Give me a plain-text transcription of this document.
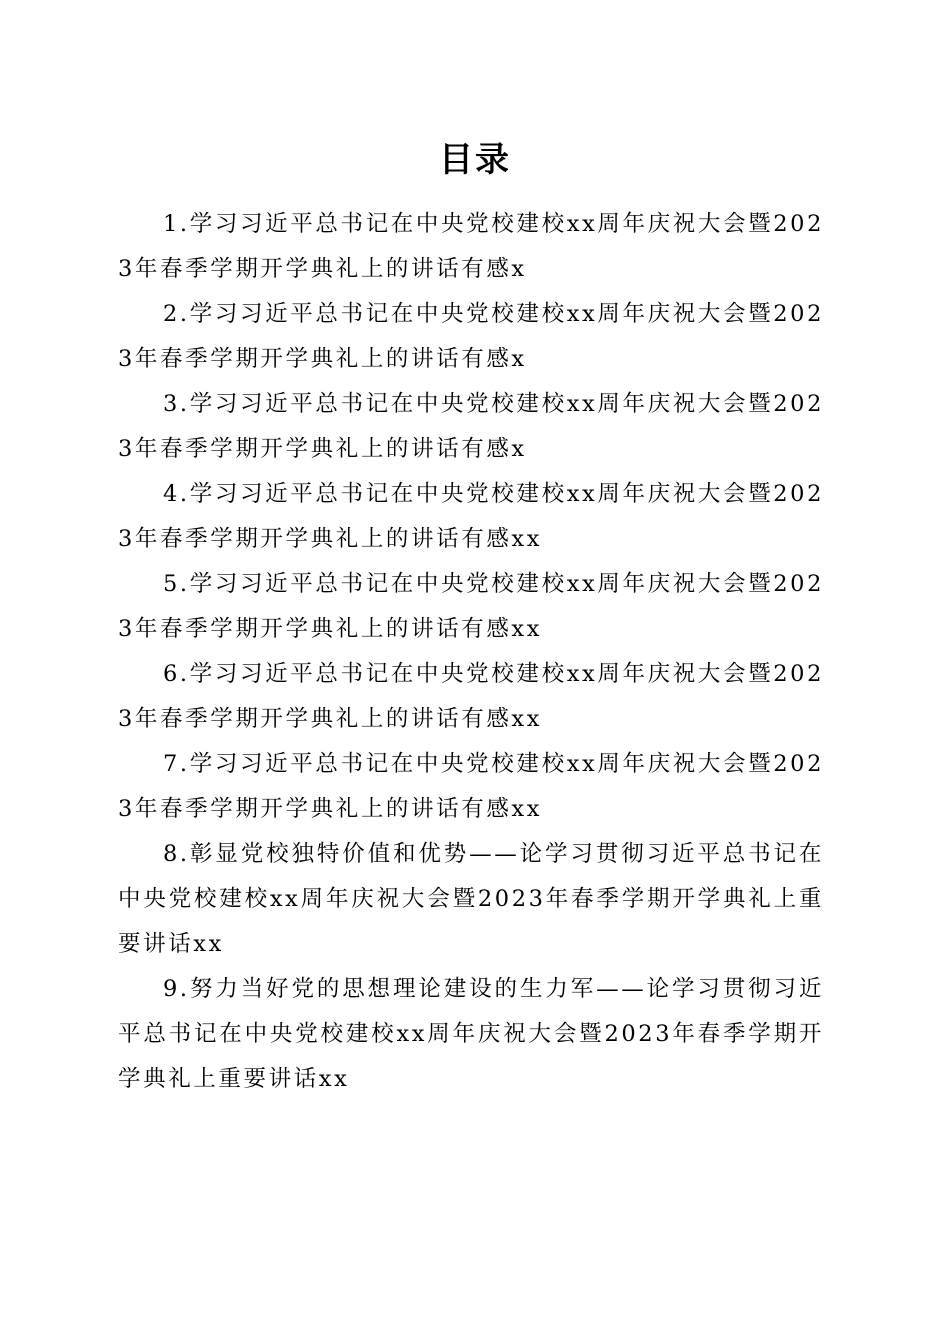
目录
1.学习习近平总书记在中央党校建校xx周年庆祝大会暨2023年春季学期开学典礼上的讲话有感x
2.学习习近平总书记在中央党校建校xx周年庆祝大会暨2023年春季学期开学典礼上的讲话有感x
3.学习习近平总书记在中央党校建校xx周年庆祝大会暨2023年春季学期开学典礼上的讲话有感x
4.学习习近平总书记在中央党校建校xx周年庆祝大会暨2023年春季学期开学典礼上的讲话有感xx
5.学习习近平总书记在中央党校建校xx周年庆祝大会暨2023年春季学期开学典礼上的讲话有感xx
6.学习习近平总书记在中央党校建校xx周年庆祝大会暨2023年春季学期开学典礼上的讲话有感xx
7.学习习近平总书记在中央党校建校xx周年庆祝大会暨2023年春季学期开学典礼上的讲话有感xx
8.彰显党校独特价值和优势——论学习贯彻习近平总书记在中央党校建校xx周年庆祝大会暨2023年春季学期开学典礼上重要讲话xx
9.努力当好党的思想理论建设的生力军——论学习贯彻习近平总书记在中央党校建校xx周年庆祝大会暨2023年春季学期开学典礼上重要讲话xx
